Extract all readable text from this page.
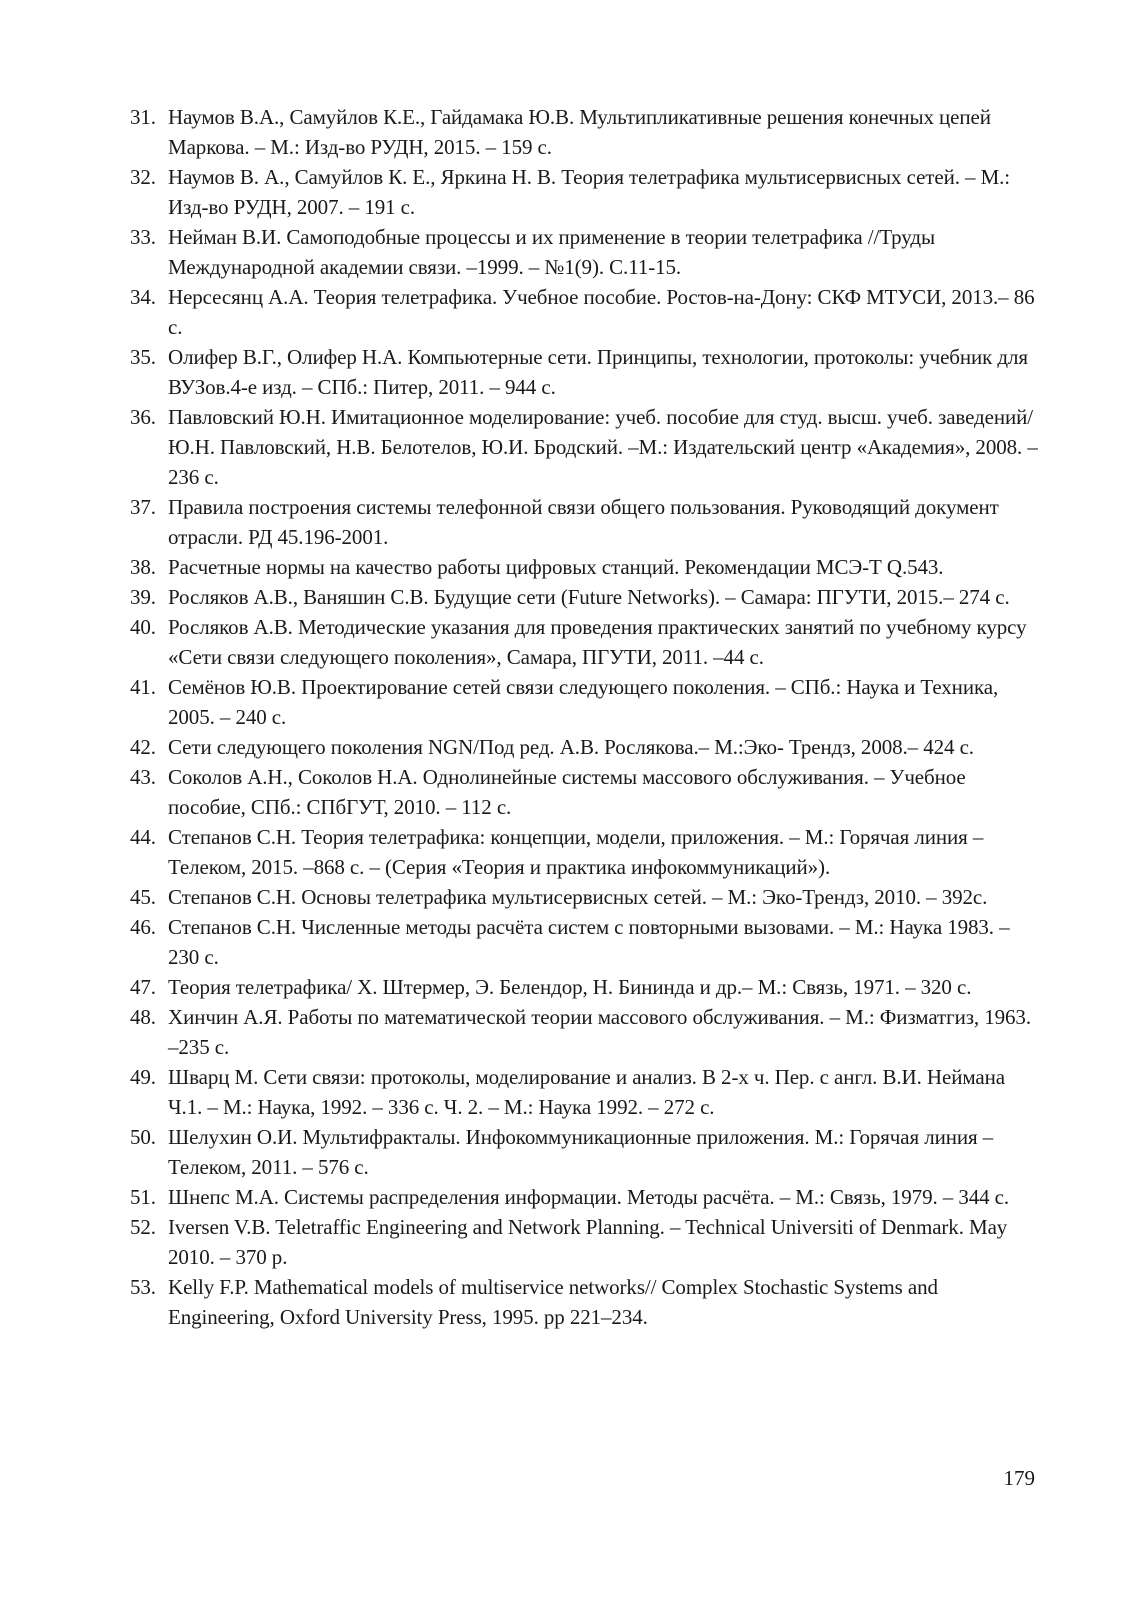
31. Наумов В.А., Самуйлов К.Е., Гайдамака Ю.В. Мультипликативные решения конечных цепей Маркова. – М.: Изд-во РУДН, 2015. – 159 с.
32. Наумов В. А., Самуйлов К. Е., Яркина Н. В. Теория телетрафика мультисервисных сетей. – М.: Изд-во РУДН, 2007. – 191 с.
33. Нейман В.И. Самоподобные процессы и их применение в теории телетрафика //Труды Международной академии связи. –1999. – №1(9). С.11-15.
34. Нерсесянц А.А. Теория телетрафика. Учебное пособие. Ростов-на-Дону: СКФ МТУСИ, 2013.– 86 с.
35. Олифер В.Г., Олифер Н.А. Компьютерные сети. Принципы, технологии, протоколы: учебник для ВУЗов.4-е изд. – СПб.: Питер, 2011. – 944 с.
36. Павловский Ю.Н. Имитационное моделирование: учеб. пособие для студ. высш. учеб. заведений/ Ю.Н. Павловский, Н.В. Белотелов, Ю.И. Бродский. –М.: Издательский центр «Академия», 2008. – 236 с.
37. Правила построения системы телефонной связи общего пользования. Руководящий документ отрасли. РД 45.196-2001.
38. Расчетные нормы на качество работы цифровых станций. Рекомендации МСЭ-Т Q.543.
39. Росляков А.В., Ваняшин С.В. Будущие сети (Future Networks). – Самара: ПГУТИ, 2015.– 274 с.
40. Росляков А.В. Методические указания для проведения практических занятий по учебному курсу «Сети связи следующего поколения», Самара, ПГУТИ, 2011. –44 с.
41. Семёнов Ю.В. Проектирование сетей связи следующего поколения. – СПб.: Наука и Техника, 2005. – 240 с.
42. Сети следующего поколения NGN/Под ред. А.В. Рослякова.– М.:Эко- Трендз, 2008.– 424 с.
43. Соколов А.Н., Соколов Н.А. Однолинейные системы массового обслуживания. – Учебное пособие, СПб.: СПбГУТ, 2010. – 112 с.
44. Степанов С.Н. Теория телетрафика: концепции, модели, приложения. – М.: Горячая линия – Телеком, 2015. –868 с. – (Серия «Теория и практика инфокоммуникаций»).
45. Степанов С.Н. Основы телетрафика мультисервисных сетей. – М.: Эко-Трендз, 2010. – 392с.
46. Степанов С.Н. Численные методы расчёта систем с повторными вызовами. – М.: Наука 1983. – 230 с.
47. Теория телетрафика/ Х. Штермер, Э. Белендор, Н. Бининда и др.– М.: Связь, 1971. – 320 с.
48. Хинчин А.Я. Работы по математической теории массового обслуживания. – М.: Физматгиз, 1963. –235 с.
49. Шварц М. Сети связи: протоколы, моделирование и анализ. В 2-х ч. Пер. с англ. В.И. Неймана Ч.1. – М.: Наука, 1992. – 336 с. Ч. 2. – М.: Наука 1992. – 272 с.
50. Шелухин О.И. Мультифракталы. Инфокоммуникационные приложения. М.: Горячая линия – Телеком, 2011. – 576 с.
51. Шнепс М.А. Системы распределения информации. Методы расчёта. – М.: Связь, 1979. – 344 с.
52. Iversen V.B. Teletraffic Engineering and Network Planning. – Technical Universiti of Denmark. May 2010. – 370 p.
53. Kelly F.P. Mathematical models of multiservice networks// Complex Stochastic Systems and Engineering, Oxford University Press, 1995. pp 221–234.
179
